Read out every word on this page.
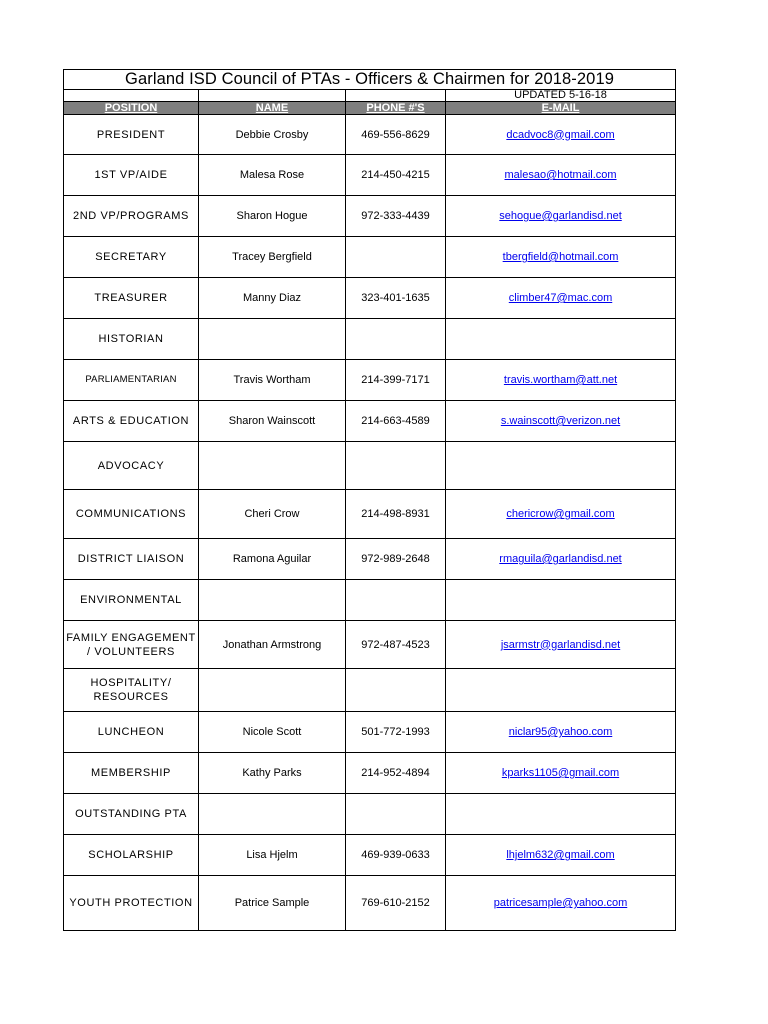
Garland ISD Council of PTAs - Officers & Chairmen for 2018-2019			
			UPDATED 5-16-18
POSITION	NAME	PHONE #'S	E-MAIL
PRESIDENT	Debbie Crosby	469-556-8629	dcadvoc8@gmail.com
1ST VP/AIDE	Malesa Rose	214-450-4215	malesao@hotmail.com
2ND VP/PROGRAMS	Sharon Hogue	972-333-4439	sehogue@garlandisd.net
SECRETARY	Tracey Bergfield		tbergfield@hotmail.com
TREASURER	Manny Diaz	323-401-1635	climber47@mac.com
HISTORIAN			
PARLIAMENTARIAN	Travis Wortham	214-399-7171	travis.wortham@att.net
ARTS & EDUCATION	Sharon Wainscott	214-663-4589	s.wainscott@verizon.net
ADVOCACY			
COMMUNICATIONS	Cheri Crow	214-498-8931	chericrow@gmail.com
DISTRICT LIAISON	Ramona Aguilar	972-989-2648	rmaguila@garlandisd.net
ENVIRONMENTAL			
FAMILY ENGAGEMENT / VOLUNTEERS	Jonathan Armstrong	972-487-4523	jsarmstr@garlandisd.net
HOSPITALITY/ RESOURCES			
LUNCHEON	Nicole Scott	501-772-1993	niclar95@yahoo.com
MEMBERSHIP	Kathy Parks	214-952-4894	kparks1105@gmail.com
OUTSTANDING PTA			
SCHOLARSHIP	Lisa Hjelm	469-939-0633	lhjelm632@gmail.com
YOUTH PROTECTION	Patrice Sample	769-610-2152	patricesample@yahoo.com
